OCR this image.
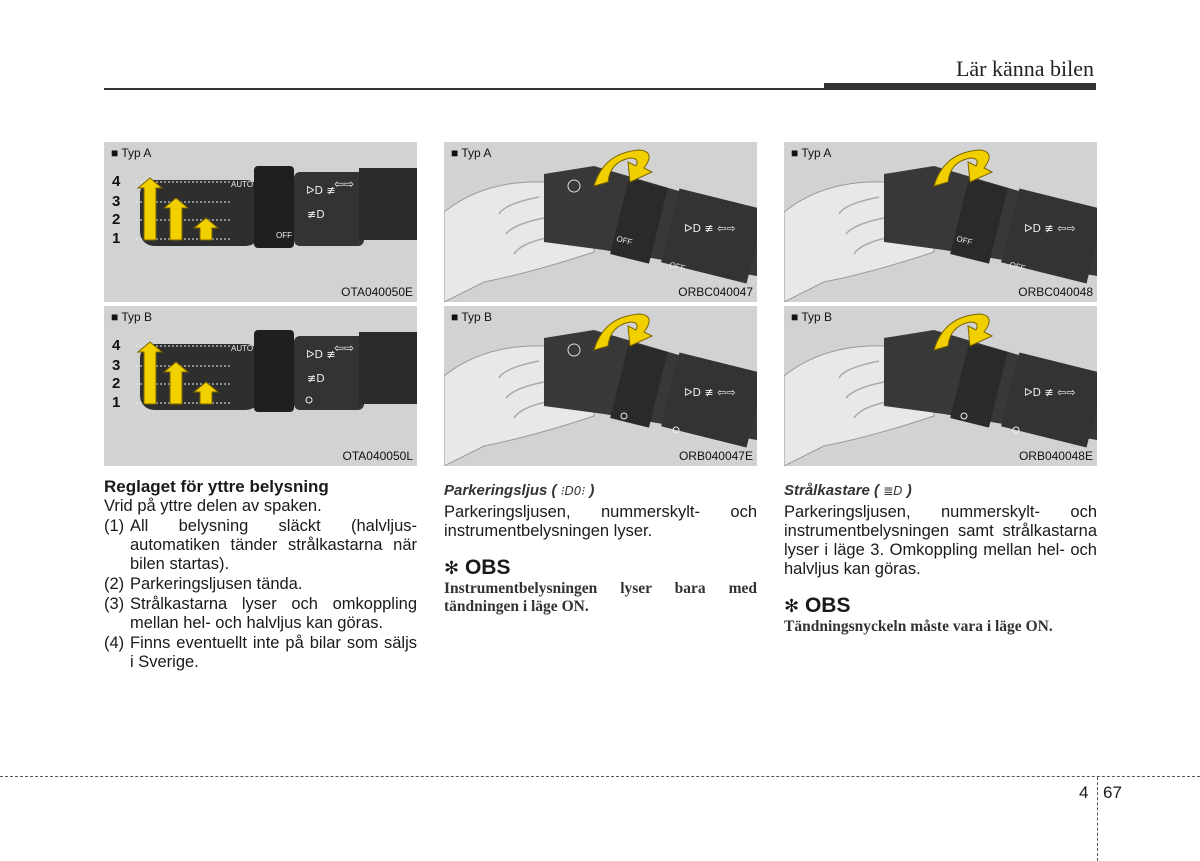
Lär känna bilen
AUTO
OFF
ᐅD ≢
≢D
⇦⇨
4
3
2
1
■ Typ A
OTA040050E
AUTO	ᐅD ≢
≢D
⇦⇨
4
3
2
1
■ Typ B
OTA040050L
OFF
OFF
ᐅD ≢ ⇦⇨
■ Typ A
ORBC040047
ᐅD ≢ ⇦⇨
■ Typ B
ORB040047E
OFF
OFF
ᐅD ≢ ⇦⇨
■ Typ A
ORBC040048
ᐅD ≢ ⇦⇨
■ Typ B
ORB040048E
Reglaget för yttre belysning
Vrid på yttre delen av spaken.
(1) All belysning släckt (halvljus-automatiken tänder strålkastarna när bilen startas).
(2) Parkeringsljusen tända.
(3) Strålkastarna lyser och omkoppling mellan hel- och halvljus kan göras.
(4) Finns eventuellt inte på bilar som säljs i Sverige.
Parkeringsljus ( ⁝D0⁝ )
Parkeringsljusen, nummerskylt- och instrumentbelysningen lyser.
✻ OBS
Instrumentbelysningen lyser bara med tändningen i läge ON.
Strålkastare ( ≣D )
Parkeringsljusen, nummerskylt- och instrumentbelysningen samt strålkastarna lyser i läge 3. Omkoppling mellan hel- och halvljus kan göras.
✻ OBS
Tändningsnyckeln måste vara i läge ON.
4 67
